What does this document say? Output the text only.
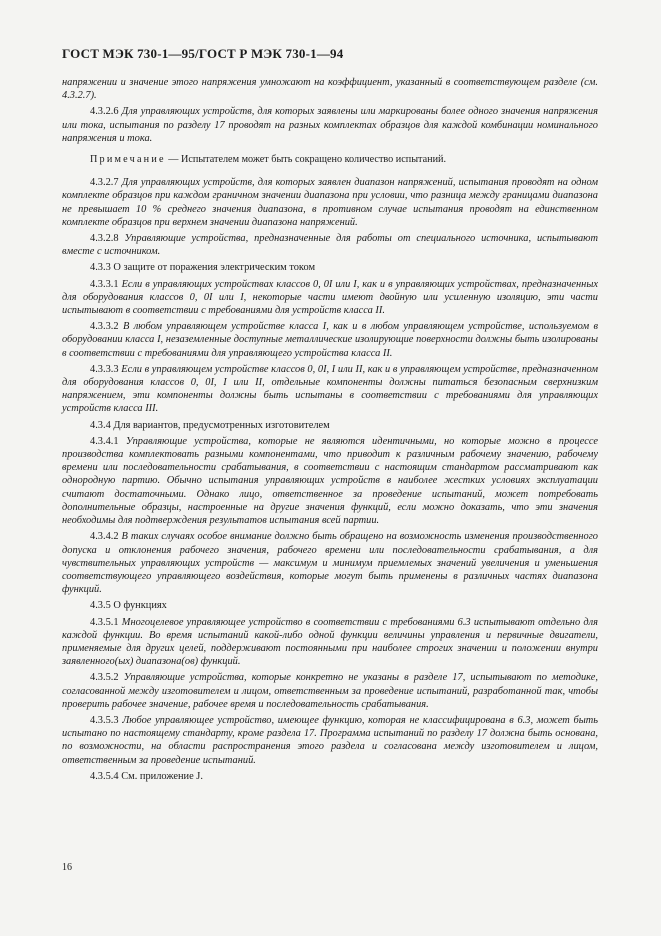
ГОСТ МЭК 730-1—95/ГОСТ Р МЭК 730-1—94

напряжении и значение этого напряжения умножают на коэффициент, указанный в соответствующем разделе (см. 4.3.2.7).

4.3.2.6 Для управляющих устройств, для которых заявлены или маркированы более одного значения напряжения или тока, испытания по разделу 17 проводят на разных комплектах образцов для каждой комбинации номинального напряжения и тока.

Примечание — Испытателем может быть сокращено количество испытаний.

4.3.2.7 Для управляющих устройств, для которых заявлен диапазон напряжений, испытания проводят на одном комплекте образцов при каждом граничном значении диапазона при условии, что разница между границами диапазона не превышает 10 % среднего значения диапазона, в противном случае испытания проводят на единственном комплекте образцов при верхнем значении диапазона напряжений.

4.3.2.8 Управляющие устройства, предназначенные для работы от специального источника, испытывают вместе с источником.

4.3.3 О защите от поражения электрическим током

4.3.3.1 Если в управляющих устройствах классов 0, 0I или I, как и в управляющих устройствах, предназначенных для оборудования классов 0, 0I или I, некоторые части имеют двойную или усиленную изоляцию, эти части испытывают в соответствии с требованиями для устройств класса II.

4.3.3.2 В любом управляющем устройстве класса I, как и в любом управляющем устройстве, используемом в оборудовании класса I, незаземленные доступные металлические изолирующие поверхности должны быть изолированы в соответствии с требованиями для управляющего устройства класса II.

4.3.3.3 Если в управляющем устройстве классов 0, 0I, I или II, как и в управляющем устройстве, предназначенном для оборудования классов 0, 0I, I или II, отдельные компоненты должны питаться безопасным сверхнизким напряжением, эти компоненты должны быть испытаны в соответствии с требованиями для управляющих устройств класса III.

4.3.4 Для вариантов, предусмотренных изготовителем

4.3.4.1 Управляющие устройства, которые не являются идентичными, но которые можно в процессе производства комплектовать разными компонентами, что приводит к различным рабочему значению, рабочему времени или последовательности срабатывания, в соответствии с настоящим стандартом рассматривают как однородную партию. Обычно испытания управляющих устройств в наиболее жестких условиях эксплуатации считают достаточными. Однако лицо, ответственное за проведение испытаний, может потребовать дополнительные образцы, настроенные на другие значения функций, если можно доказать, что эти значения необходимы для подтверждения результатов испытания всей партии.

4.3.4.2 В таких случаях особое внимание должно быть обращено на возможность изменения производственного допуска и отклонения рабочего значения, рабочего времени или последовательности срабатывания, а для чувствительных управляющих устройств — максимум и минимум приемлемых значений увеличения и уменьшения соответствующего управляющего воздействия, которые могут быть применены в различных частях диапазона функций.

4.3.5 О функциях

4.3.5.1 Многоцелевое управляющее устройство в соответствии с требованиями 6.3 испытывают отдельно для каждой функции. Во время испытаний какой-либо одной функции величины управления и первичные двигатели, применяемые для других целей, поддерживают постоянными при наиболее строгих значении и положении внутри заявленного(ых) диапазона(ов) функций.

4.3.5.2 Управляющие устройства, которые конкретно не указаны в разделе 17, испытывают по методике, согласованной между изготовителем и лицом, ответственным за проведение испытаний, разработанной так, чтобы проверить рабочее значение, рабочее время и последовательность срабатывания.

4.3.5.3 Любое управляющее устройство, имеющее функцию, которая не классифицирована в 6.3, может быть испытано по настоящему стандарту, кроме раздела 17. Программа испытаний по разделу 17 должна быть основана, по возможности, на области распространения этого раздела и согласована между изготовителем и лицом, ответственным за проведение испытаний.

4.3.5.4 См. приложение J.

16
